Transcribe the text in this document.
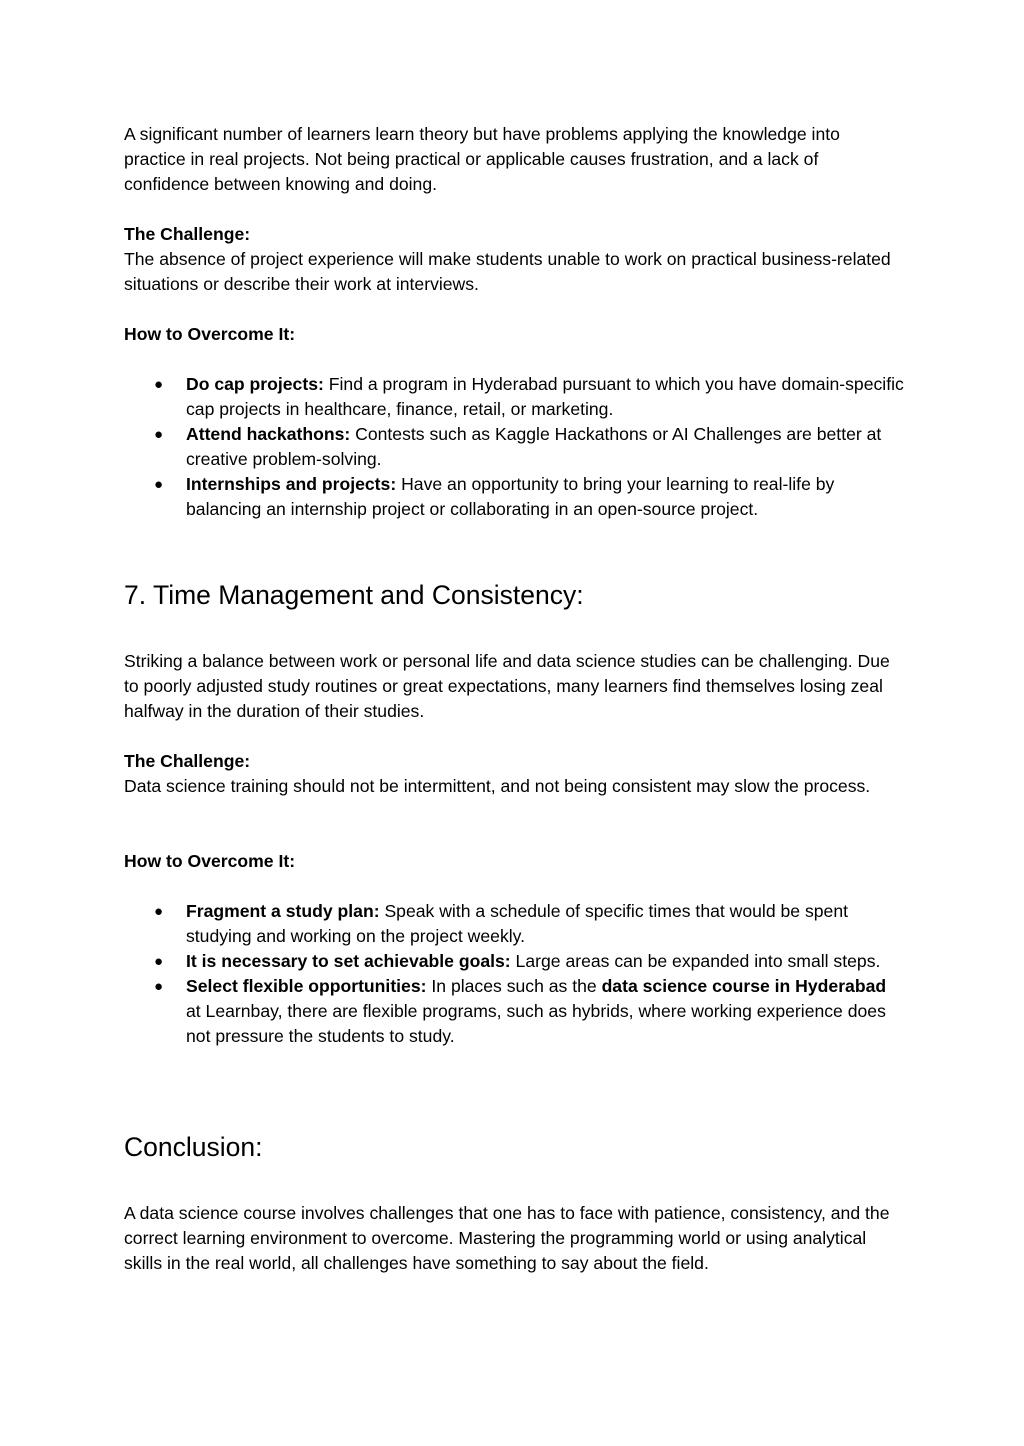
A significant number of learners learn theory but have problems applying the knowledge into practice in real projects. Not being practical or applicable causes frustration, and a lack of confidence between knowing and doing.

The Challenge:

The absence of project experience will make students unable to work on practical business-related situations or describe their work at interviews.

How to Overcome It:

● Do cap projects: Find a program in Hyderabad pursuant to which you have domain-specific cap projects in healthcare, finance, retail, or marketing.
● Attend hackathons: Contests such as Kaggle Hackathons or AI Challenges are better at creative problem-solving.
● Internships and projects: Have an opportunity to bring your learning to real-life by balancing an internship project or collaborating in an open-source project.
7. Time Management and Consistency:

Striking a balance between work or personal life and data science studies can be challenging. Due to poorly adjusted study routines or great expectations, many learners find themselves losing zeal halfway in the duration of their studies.

The Challenge:

Data science training should not be intermittent, and not being consistent may slow the process.

How to Overcome It:

● Fragment a study plan: Speak with a schedule of specific times that would be spent studying and working on the project weekly.
● It is necessary to set achievable goals: Large areas can be expanded into small steps.
● Select flexible opportunities: In places such as the data science course in Hyderabad at Learnbay, there are flexible programs, such as hybrids, where working experience does not pressure the students to study.
Conclusion:

A data science course involves challenges that one has to face with patience, consistency, and the correct learning environment to overcome. Mastering the programming world or using analytical skills in the real world, all challenges have something to say about the field.
